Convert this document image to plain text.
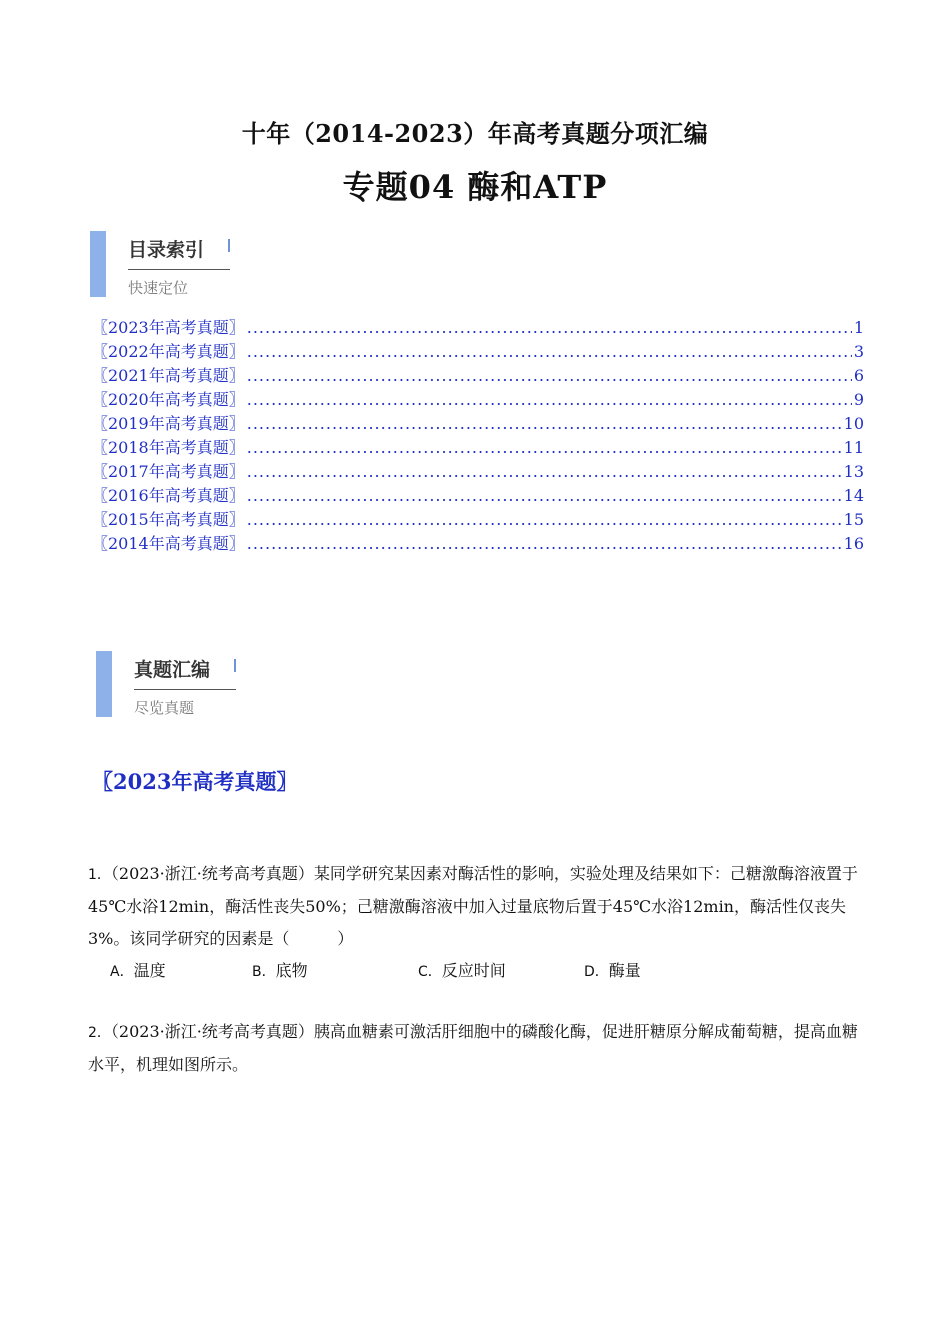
十年（2014-2023）年高考真题分项汇编
专题04 酶和ATP
目录索引
快速定位
〖2023年高考真题〗 .....	1
〖2022年高考真题〗 .....	3
〖2021年高考真题〗 .....	6
〖2020年高考真题〗 .....	9
〖2019年高考真题〗 .....	10
〖2018年高考真题〗 .....	11
〖2017年高考真题〗 .....	13
〖2016年高考真题〗 .....	14
〖2015年高考真题〗 .....	15
〖2014年高考真题〗 .....	16
真题汇编
尽览真题
〖2023年高考真题〗
1．（2023·浙江·统考高考真题）某同学研究某因素对酶活性的影响，实验处理及结果如下：己糖激酶溶液置于45℃水浴12min，酶活性丧失50%；己糖激酶溶液中加入过量底物后置于45℃水浴12min，酶活性仅丧失3%。该同学研究的因素是（　　　）
A．温度	B．底物	C．反应时间	D．酶量
2．（2023·浙江·统考高考真题）胰高血糖素可激活肝细胞中的磷酸化酶，促进肝糖原分解成葡萄糖，提高血糖水平，机理如图所示。
